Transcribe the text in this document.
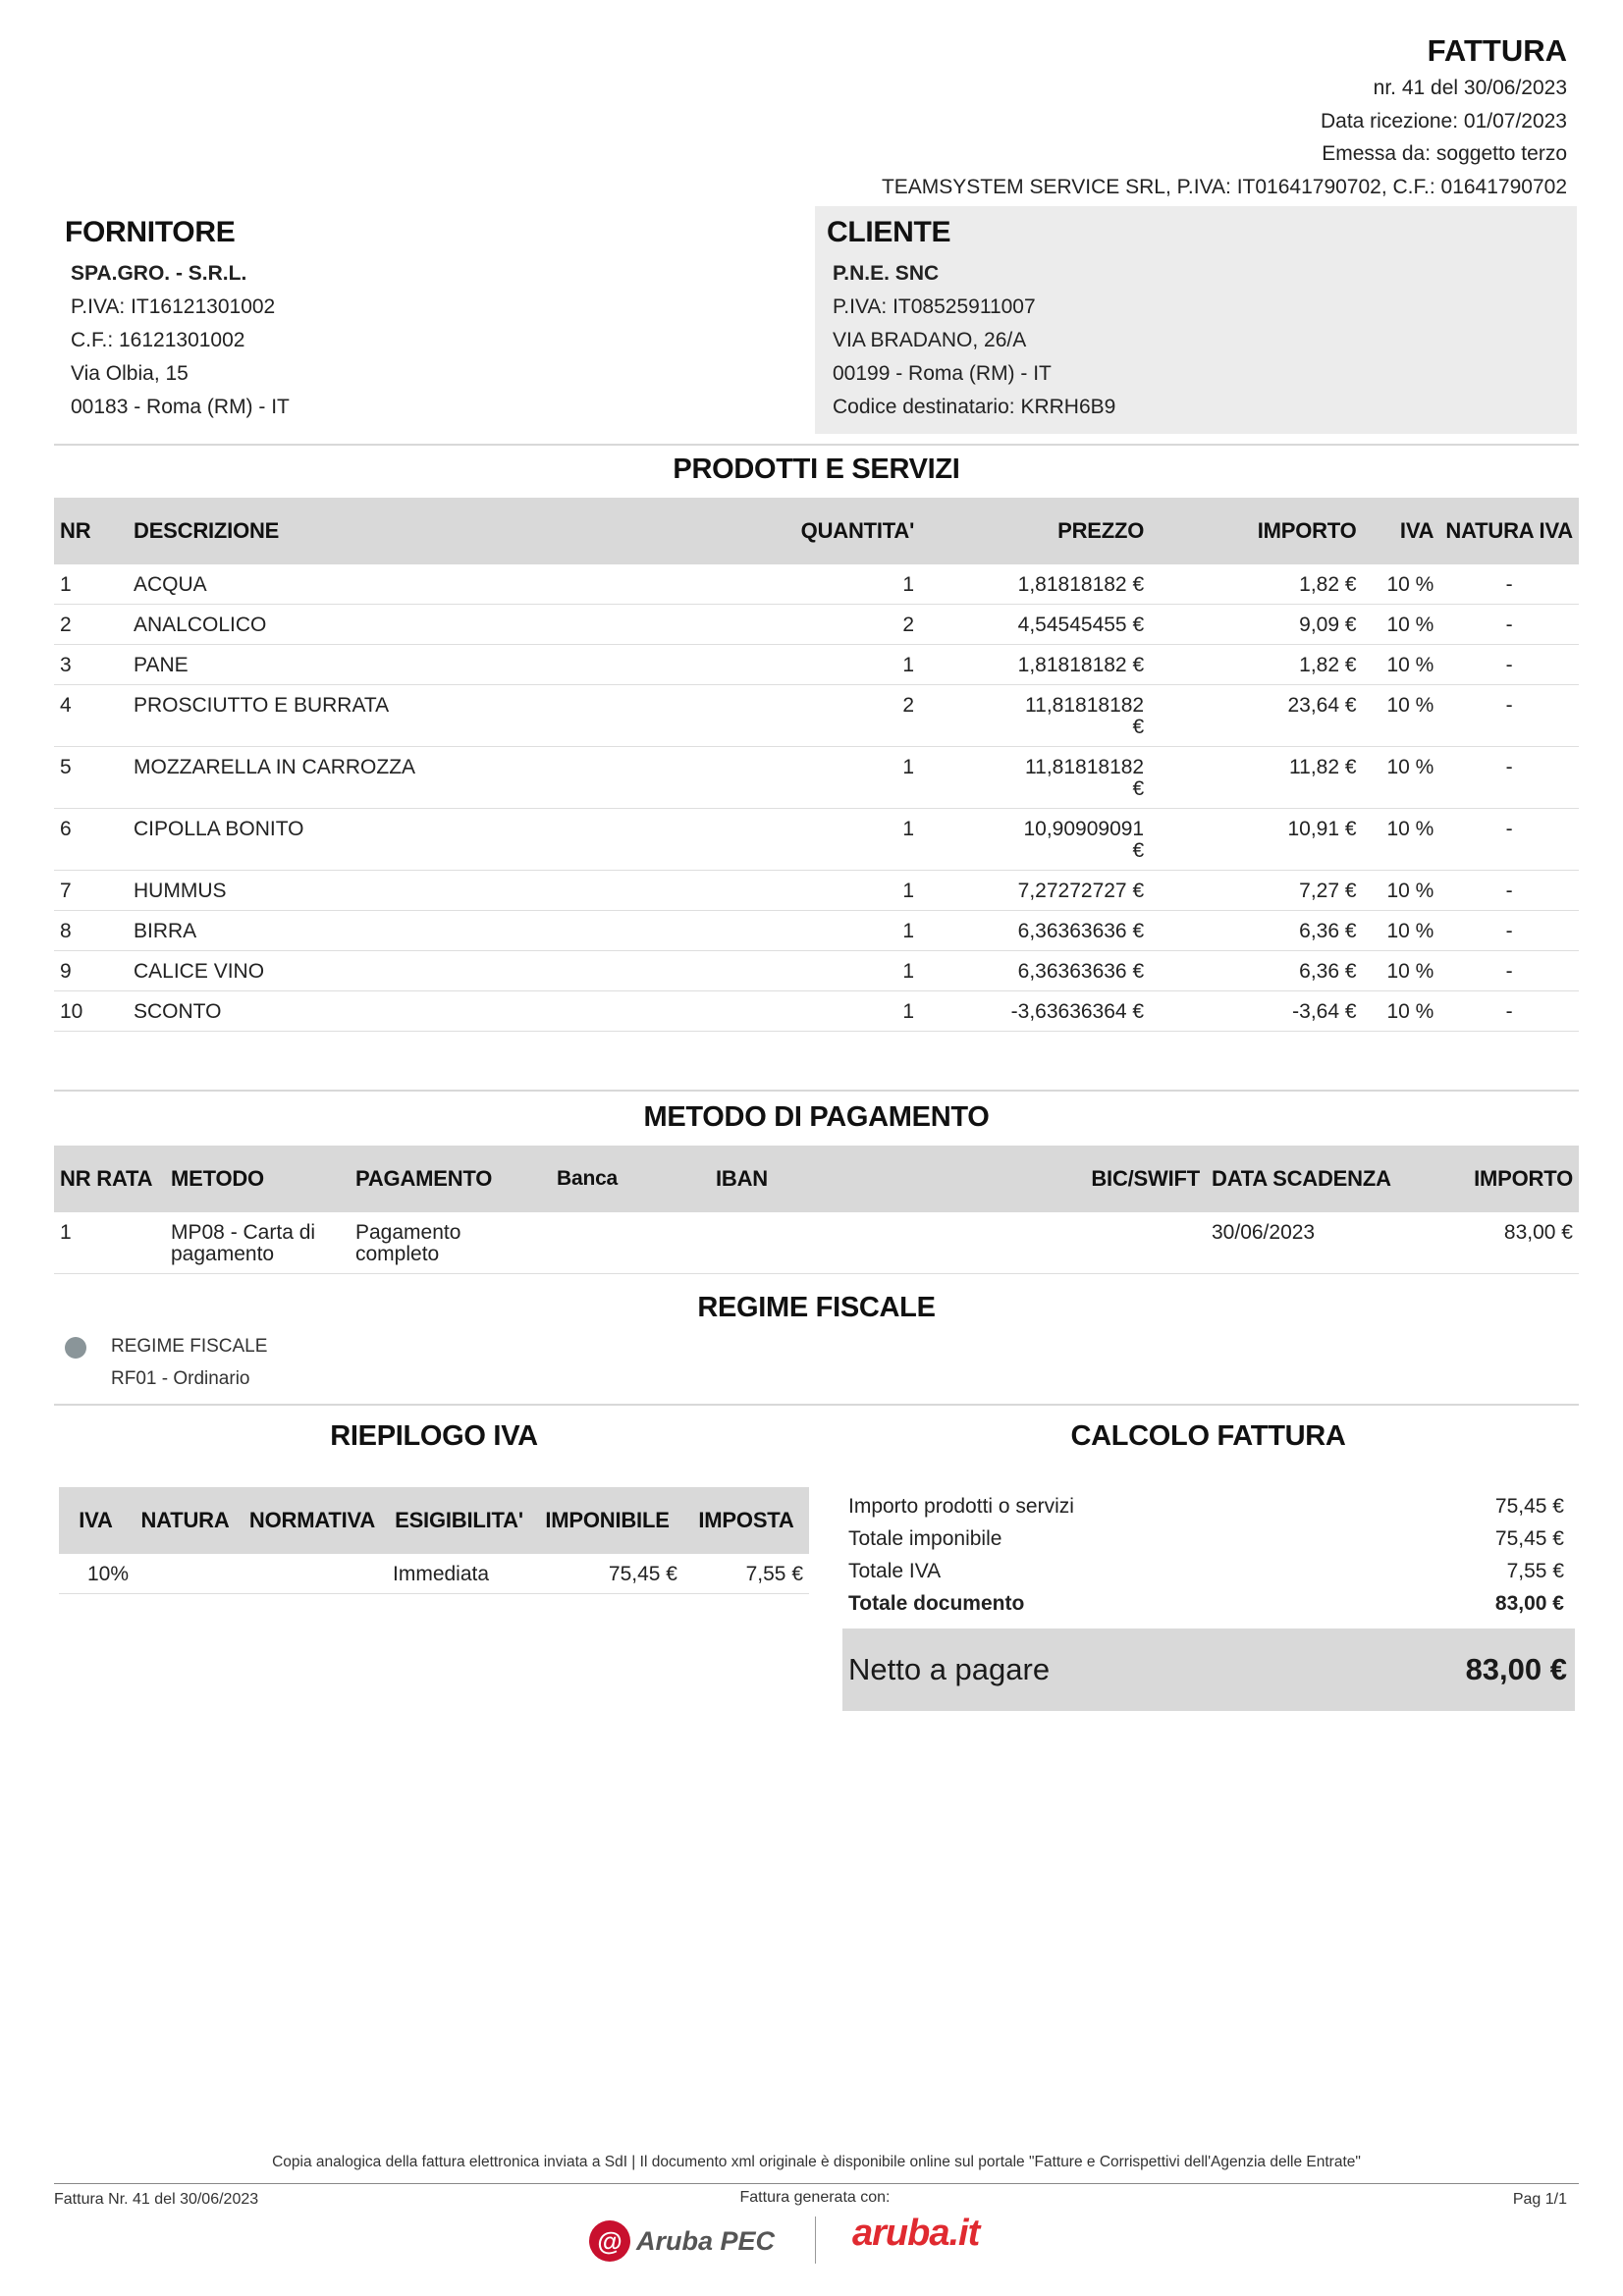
FATTURA
nr. 41 del 30/06/2023
Data ricezione: 01/07/2023
Emessa da: soggetto terzo
TEAMSYSTEM SERVICE SRL, P.IVA: IT01641790702, C.F.: 01641790702
FORNITORE
SPA.GRO. - S.R.L.
P.IVA: IT16121301002
C.F.: 16121301002
Via Olbia, 15
00183 - Roma (RM) - IT
CLIENTE
P.N.E. SNC
P.IVA: IT08525911007
VIA BRADANO, 26/A
00199 - Roma (RM) - IT
Codice destinatario: KRRH6B9
PRODOTTI E SERVIZI
NR	DESCRIZIONE	QUANTITA'	PREZZO	IMPORTO	IVA	NATURA IVA
1	ACQUA	1	1,81818182 €	1,82 €	10 %	-
2	ANALCOLICO	2	4,54545455 €	9,09 €	10 %	-
3	PANE	1	1,81818182 €	1,82 €	10 %	-
4	PROSCIUTTO E BURRATA	2	11,81818182 €	23,64 €	10 %	-
5	MOZZARELLA IN CARROZZA	1	11,81818182 €	11,82 €	10 %	-
6	CIPOLLA BONITO	1	10,90909091 €	10,91 €	10 %	-
7	HUMMUS	1	7,27272727 €	7,27 €	10 %	-
8	BIRRA	1	6,36363636 €	6,36 €	10 %	-
9	CALICE VINO	1	6,36363636 €	6,36 €	10 %	-
10	SCONTO	1	-3,63636364 €	-3,64 €	10 %	-
METODO DI PAGAMENTO
NR RATA	METODO	PAGAMENTO	Banca	IBAN	BIC/SWIFT	DATA SCADENZA	IMPORTO
1	MP08 - Carta di pagamento	Pagamento completo				30/06/2023	83,00 €
REGIME FISCALE
REGIME FISCALE
RF01 - Ordinario
RIEPILOGO IVA
IVA	NATURA	NORMATIVA	ESIGIBILITA'	IMPONIBILE	IMPOSTA
10%			Immediata	75,45 €	7,55 €
CALCOLO FATTURA
Importo prodotti o servizi	75,45 €
Totale imponibile	75,45 €
Totale IVA	7,55 €
Totale documento	83,00 €
Netto a pagare	83,00 €
Copia analogica della fattura elettronica inviata a SdI | Il documento xml originale è disponibile online sul portale "Fatture e Corrispettivi dell'Agenzia delle Entrate"
Fattura Nr. 41 del 30/06/2023	Fattura generata con:	Pag 1/1
@ Aruba PEC aruba.it
